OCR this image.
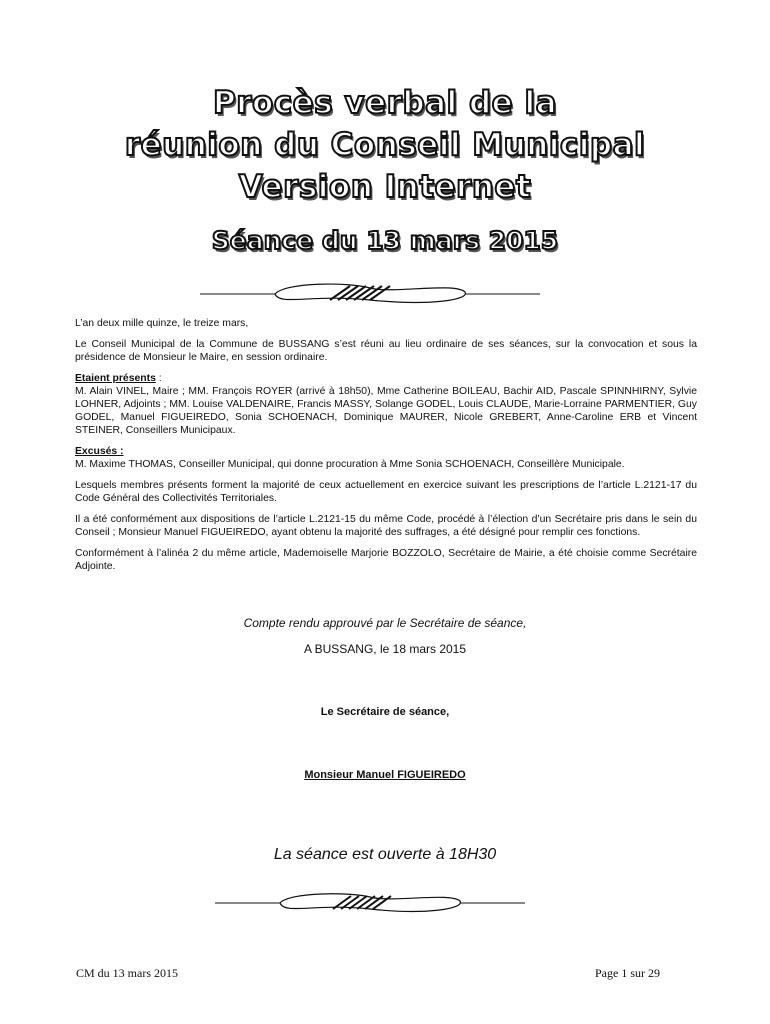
Procès verbal de la
réunion du Conseil Municipal
Version Internet
Séance du 13 mars 2015

L’an deux mille quinze, le treize mars,

Le Conseil Municipal de la Commune de BUSSANG s’est réuni au lieu ordinaire de ses séances, sur la convocation et sous la présidence de Monsieur le Maire, en session ordinaire.

Etaient présents :
M. Alain VINEL, Maire ; MM. François ROYER (arrivé à 18h50), Mme Catherine BOILEAU, Bachir AID, Pascale SPINNHIRNY, Sylvie LOHNER, Adjoints ; MM. Louise VALDENAIRE, Francis MASSY, Solange GODEL, Louis CLAUDE, Marie-Lorraine PARMENTIER, Guy GODEL, Manuel FIGUEIREDO, Sonia SCHOENACH, Dominique MAURER, Nicole GREBERT, Anne-Caroline ERB et Vincent STEINER, Conseillers Municipaux.

Excusés :
M. Maxime THOMAS, Conseiller Municipal, qui donne procuration à Mme Sonia SCHOENACH, Conseillère Municipale.

Lesquels membres présents forment la majorité de ceux actuellement en exercice suivant les prescriptions de l’article L.2121-17 du Code Général des Collectivités Territoriales.

Il a été conformément aux dispositions de l’article L.2121-15 du même Code, procédé à l’élection d’un Secrétaire pris dans le sein du Conseil ; Monsieur Manuel FIGUEIREDO, ayant obtenu la majorité des suffrages, a été désigné pour remplir ces fonctions.

Conformément à l’alinéa 2 du même article, Mademoiselle Marjorie BOZZOLO, Secrétaire de Mairie, a été choisie comme Secrétaire Adjointe.

Compte rendu approuvé par le Secrétaire de séance,
A BUSSANG, le 18 mars 2015
Le Secrétaire de séance,
Monsieur Manuel FIGUEIREDO
La séance est ouverte à 18H30
CM du 13 mars 2015	Page 1 sur 29
